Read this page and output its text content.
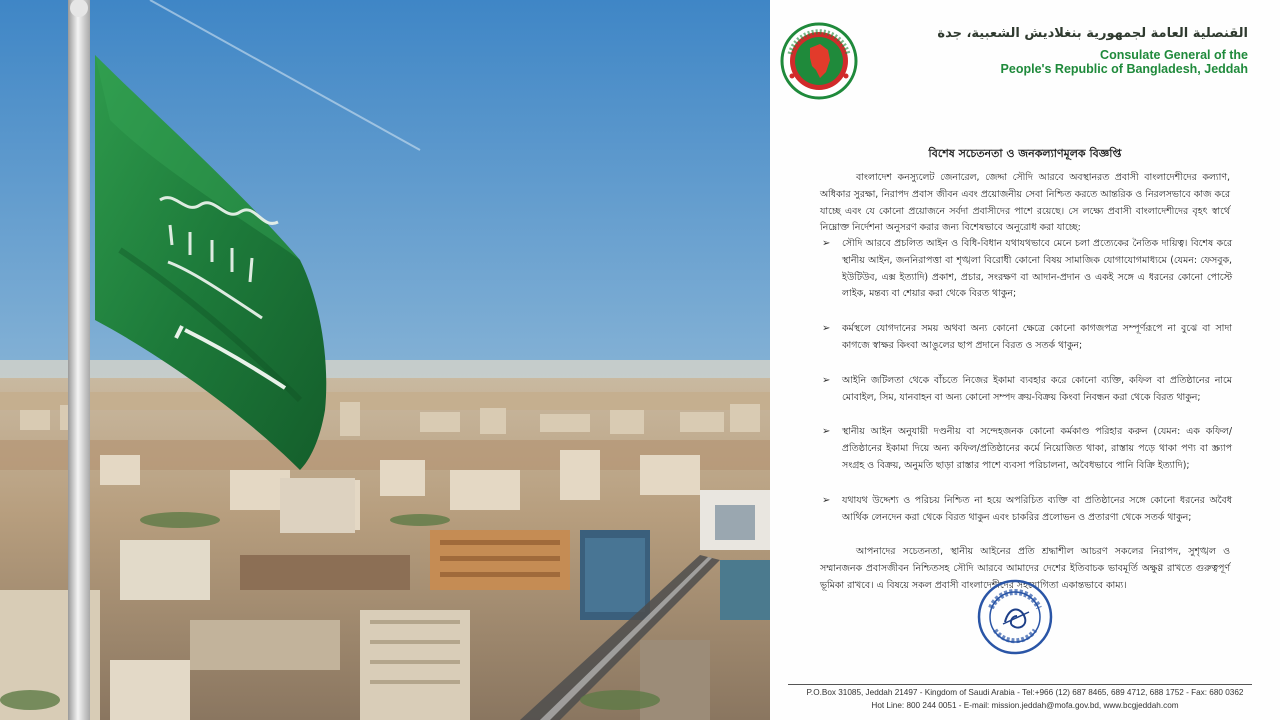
القنصلية العامة لجمهورية بنغلاديش الشعبية، جدة
Consulate General of the
People's Republic of Bangladesh, Jeddah
বিশেষ সচেতনতা ও জনকল্যাণমূলক বিজ্ঞপ্তি
বাংলাদেশ কনস্যুলেট জেনারেল, জেদ্দা সৌদি আরবে অবস্থানরত প্রবাসী বাংলাদেশীদের কল্যাণ, অধিকার সুরক্ষা, নিরাপদ প্রবাস জীবন এবং প্রয়োজনীয় সেবা নিশ্চিত করতে আন্তরিক ও নিরলসভাবে কাজ করে যাচ্ছে এবং যে কোনো প্রয়োজনে সর্বদা প্রবাসীদের পাশে রয়েছে। সে লক্ষ্যে প্রবাসী বাংলাদেশীদের বৃহৎ স্বার্থে নিম্নোক্ত নির্দেশনা অনুসরণ করার জন্য বিশেষভাবে অনুরোধ করা যাচ্ছে:
➢ সৌদি আরবে প্রচলিত আইন ও বিধি-বিধান যথাযথভাবে মেনে চলা প্রত্যেকের নৈতিক দায়িত্ব। বিশেষ করে স্থানীয় আইন, জননিরাপত্তা বা শৃঙ্খলা বিরোধী কোনো বিষয় সামাজিক যোগাযোগমাধ্যমে (যেমন: ফেসবুক, ইউটিউব, এক্স ইত্যাদি) প্রকাশ, প্রচার, সংরক্ষণ বা আদান-প্রদান ও একই সঙ্গে এ ধরনের কোনো পোস্টে লাইক, মন্তব্য বা শেয়ার করা থেকে বিরত থাকুন;
➢ কর্মস্থলে যোগদানের সময় অথবা অন্য কোনো ক্ষেত্রে কোনো কাগজপত্র সম্পূর্ণরূপে না বুঝে বা সাদা কাগজে স্বাক্ষর কিংবা আঙুলের ছাপ প্রদানে বিরত ও সতর্ক থাকুন;
➢ আইনি জটিলতা থেকে বাঁচতে নিজের ইকামা ব্যবহার করে কোনো ব্যক্তি, কফিল বা প্রতিষ্ঠানের নামে মোবাইল, সিম, যানবাহন বা অন্য কোনো সম্পদ ক্রয়-বিক্রয় কিংবা নিবন্ধন করা থেকে বিরত থাকুন;
➢ স্থানীয় আইন অনুযায়ী দণ্ডনীয় বা সন্দেহজনক কোনো কর্মকাণ্ড পরিহার করুন (যেমন: এক কফিল/প্রতিষ্ঠানের ইকামা দিয়ে অন্য কফিল/প্রতিষ্ঠানের কর্মে নিয়োজিত থাকা, রাস্তায় পড়ে থাকা পণ্য বা স্ক্র্যাপ সংগ্রহ ও বিক্রয়, অনুমতি ছাড়া রাস্তার পাশে ব্যবসা পরিচালনা, অবৈধভাবে পানি বিক্রি ইত্যাদি);
➢ যথাযথ উদ্দেশ্য ও পরিচয় নিশ্চিত না হয়ে অপরিচিত ব্যক্তি বা প্রতিষ্ঠানের সঙ্গে কোনো ধরনের অবৈধ আর্থিক লেনদেন করা থেকে বিরত থাকুন এবং চাকরির প্রলোভন ও প্রতারণা থেকে সতর্ক থাকুন;
আপনাদের সচেতনতা, স্থানীয় আইনের প্রতি শ্রদ্ধাশীল আচরণ সকলের নিরাপদ, সুশৃঙ্খল ও সম্মানজনক প্রবাসজীবন নিশ্চিতসহ সৌদি আরবে আমাদের দেশের ইতিবাচক ভাবমূর্তি অক্ষুণ্ণ রাখতে গুরুত্বপূর্ণ ভূমিকা রাখবে। এ বিষয়ে সকল প্রবাসী বাংলাদেশীদের সহযোগিতা একান্তভাবে কাম্য।
P.O.Box 31085, Jeddah 21497 - Kingdom of Saudi Arabia - Tel:+966 (12) 687 8465, 689 4712, 688 1752 - Fax: 680 0362
Hot Line: 800 244 0051 - E-mail: mission.jeddah@mofa.gov.bd, www.bcgjeddah.com
